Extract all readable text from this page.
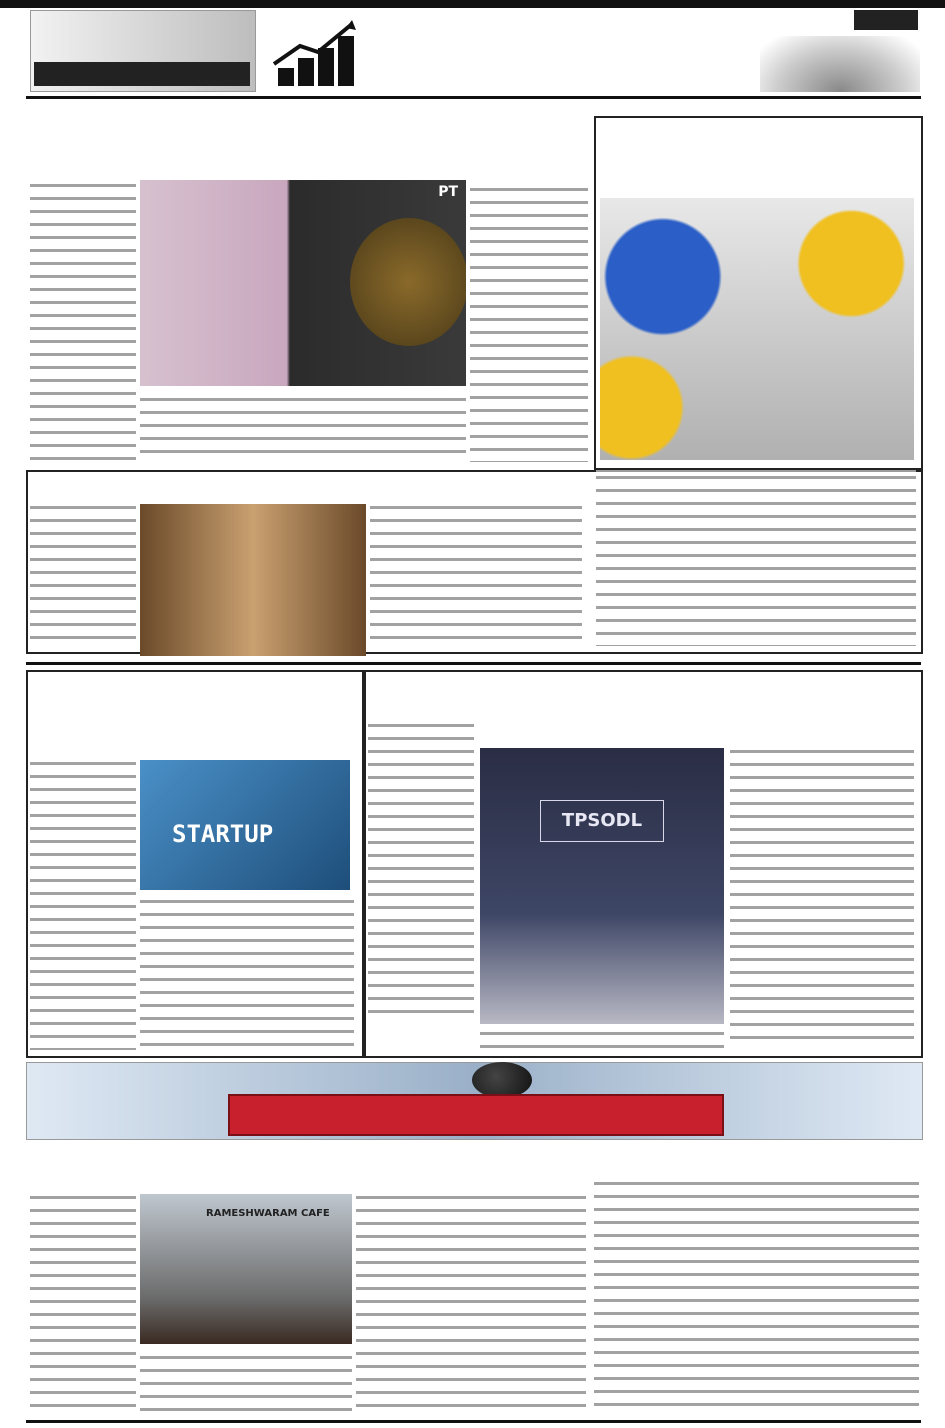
PT
STARTUP	TPSODL
RAMESHWARAM CAFE
